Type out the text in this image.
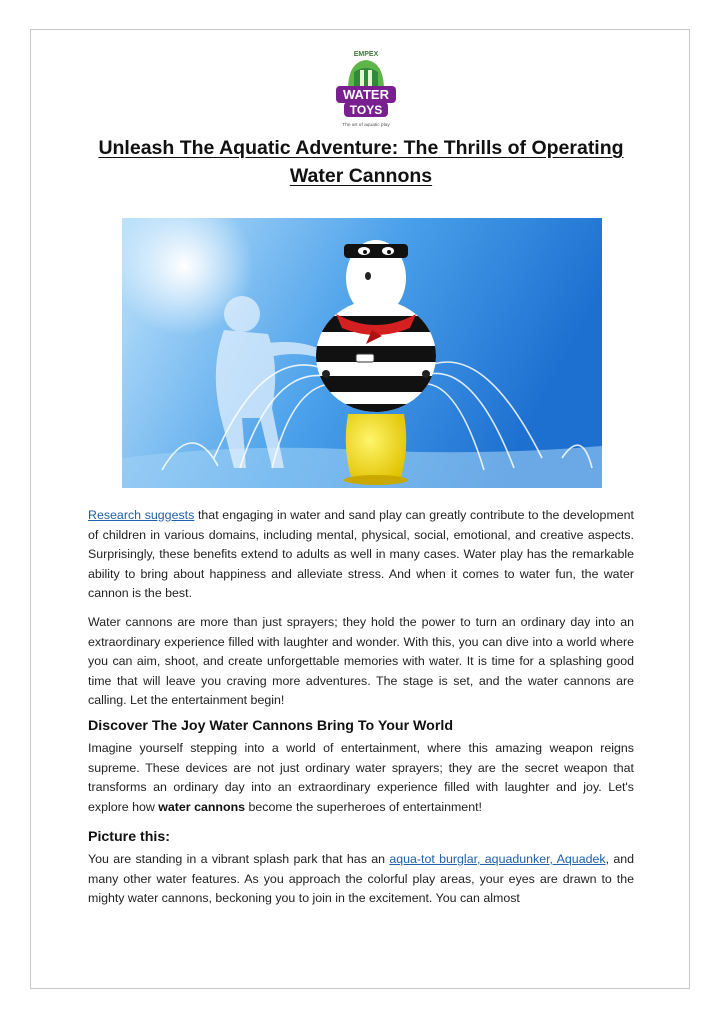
EMPEX
WATER
TOYS
The art of aquatic play
Unleash The Aquatic Adventure: The Thrills of Operating Water Cannons

Research suggests that engaging in water and sand play can greatly contribute to the development of children in various domains, including mental, physical, social, emotional, and creative aspects. Surprisingly, these benefits extend to adults as well in many cases. Water play has the remarkable ability to bring about happiness and alleviate stress. And when it comes to water fun, the water cannon is the best.

Water cannons are more than just sprayers; they hold the power to turn an ordinary day into an extraordinary experience filled with laughter and wonder. With this, you can dive into a world where you can aim, shoot, and create unforgettable memories with water. It is time for a splashing good time that will leave you craving more adventures. The stage is set, and the water cannons are calling. Let the entertainment begin!

Discover The Joy Water Cannons Bring To Your World

Imagine yourself stepping into a world of entertainment, where this amazing weapon reigns supreme. These devices are not just ordinary water sprayers; they are the secret weapon that transforms an ordinary day into an extraordinary experience filled with laughter and joy. Let's explore how water cannons become the superheroes of entertainment!

Picture this:

You are standing in a vibrant splash park that has an aqua-tot burglar, aquadunker, Aquadek, and many other water features. As you approach the colorful play areas, your eyes are drawn to the mighty water cannons, beckoning you to join in the excitement. You can almost
